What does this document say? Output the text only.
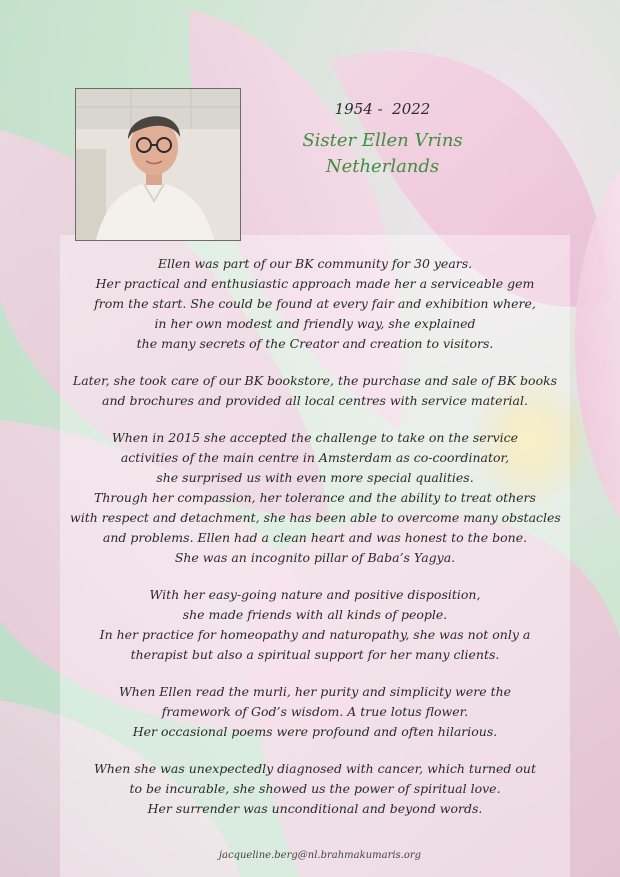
1954 -  2022
Sister Ellen Vrins
Netherlands
Ellen was part of our BK community for 30 years.
Her practical and enthusiastic approach made her a serviceable gem
from the start. She could be found at every fair and exhibition where,
in her own modest and friendly way, she explained
the many secrets of the Creator and creation to visitors.
Later, she took care of our BK bookstore, the purchase and sale of BK books
and brochures and provided all local centres with service material.
When in 2015 she accepted the challenge to take on the service
activities of the main centre in Amsterdam as co-coordinator,
she surprised us with even more special qualities.
Through her compassion, her tolerance and the ability to treat others
with respect and detachment, she has been able to overcome many obstacles
and problems. Ellen had a clean heart and was honest to the bone.
She was an incognito pillar of Baba’s Yagya.
With her easy-going nature and positive disposition,
she made friends with all kinds of people.
In her practice for homeopathy and naturopathy, she was not only a
therapist but also a spiritual support for her many clients.
When Ellen read the murli, her purity and simplicity were the
framework of God’s wisdom. A true lotus flower.
Her occasional poems were profound and often hilarious.
When she was unexpectedly diagnosed with cancer, which turned out
to be incurable, she showed us the power of spiritual love.
Her surrender was unconditional and beyond words.
jacqueline.berg@nl.brahmakumaris.org
